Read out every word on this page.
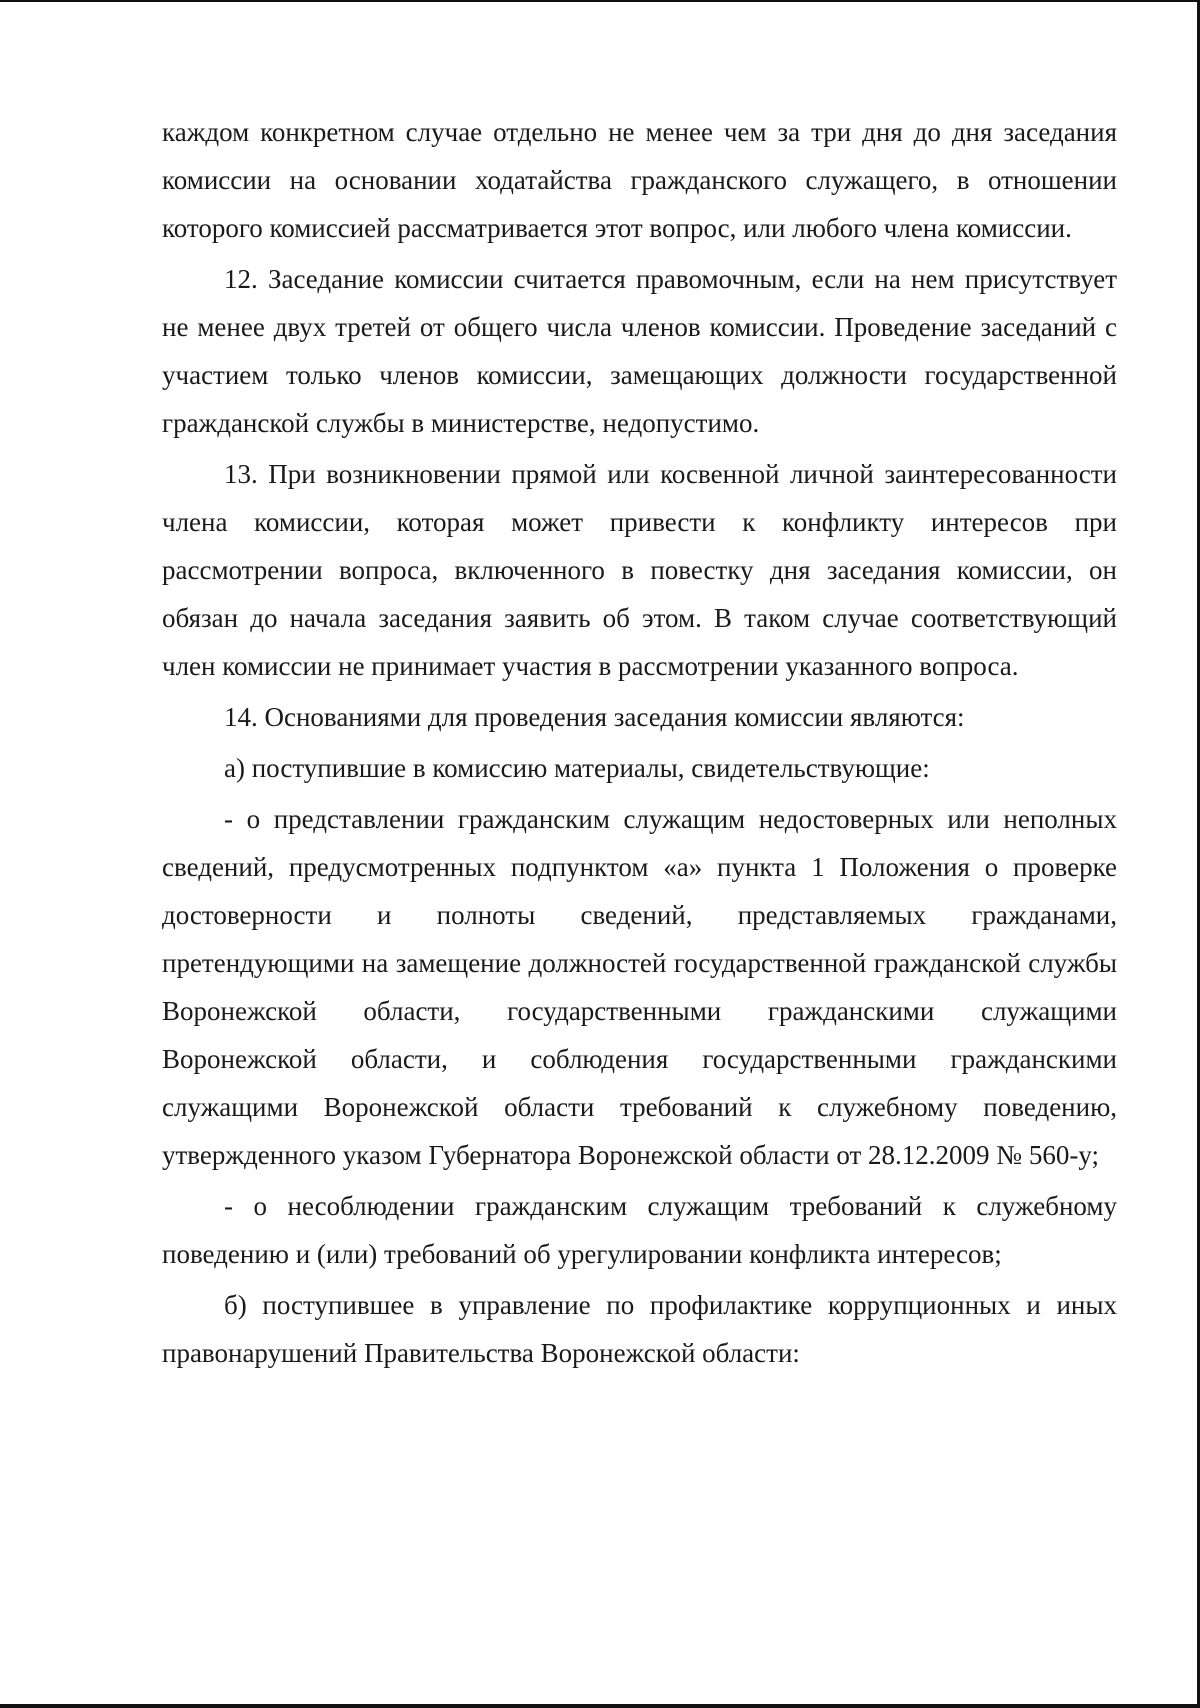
каждом конкретном случае отдельно не менее чем за три дня до дня заседания комиссии на основании ходатайства гражданского служащего, в отношении которого комиссией рассматривается этот вопрос, или любого члена комиссии.

12. Заседание комиссии считается правомочным, если на нем присутствует не менее двух третей от общего числа членов комиссии. Проведение заседаний с участием только членов комиссии, замещающих должности государственной гражданской службы в министерстве, недопустимо.

13. При возникновении прямой или косвенной личной заинтересованности члена комиссии, которая может привести к конфликту интересов при рассмотрении вопроса, включенного в повестку дня заседания комиссии, он обязан до начала заседания заявить об этом. В таком случае соответствующий член комиссии не принимает участия в рассмотрении указанного вопроса.

14. Основаниями для проведения заседания комиссии являются:

а) поступившие в комиссию материалы, свидетельствующие:

- о представлении гражданским служащим недостоверных или неполных сведений, предусмотренных подпунктом «а» пункта 1 Положения о проверке достоверности и полноты сведений, представляемых гражданами, претендующими на замещение должностей государственной гражданской службы Воронежской области, государственными гражданскими служащими Воронежской области, и соблюдения государственными гражданскими служащими Воронежской области требований к служебному поведению, утвержденного указом Губернатора Воронежской области от 28.12.2009 № 560-у;

- о несоблюдении гражданским служащим требований к служебному поведению и (или) требований об урегулировании конфликта интересов;

б) поступившее в управление по профилактике коррупционных и иных правонарушений Правительства Воронежской области:
